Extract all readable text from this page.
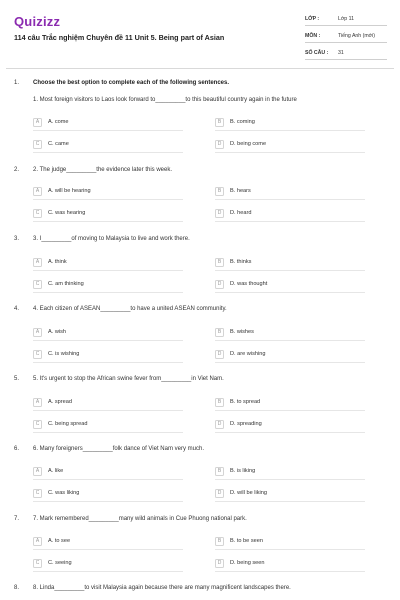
Quizizz
114 câu Trắc nghiệm Chuyên đề 11 Unit 5. Being part of Asian
LỚP :	Lớp 11
MÔN :	Tiếng Anh (mới)
SỐ CÂU :	31
1. Choose the best option to complete each of the following sentences.
1. Most foreign visitors to Laos look forward to_________to this beautiful country again in the future
A	A. come	B	B. coming
C	C. came	D	D. being come
2. 2. The judge_________the evidence later this week.
A	A. will be hearing	B	B. hears
C	C. was hearing	D	D. heard
3. 3. I_________of moving to Malaysia to live and work there.
A	A. think	B	B. thinks
C	C. am thinking	D	D. was thought
4. 4. Each citizen of ASEAN_________to have a united ASEAN community.
A	A. wish	B	B. wishes
C	C. is wishing	D	D. are wishing
5. 5. It's urgent to stop the African swine fever from_________in Viet Nam.
A	A. spread	B	B. to spread
C	C. being spread	D	D. spreading
6. 6. Many foreigners_________folk dance of Viet Nam very much.
A	A. like	B	B. is liking
C	C. was liking	D	D. will be liking
7. 7. Mark remembered_________many wild animals in Cue Phuong national park.
A	A. to see	B	B. to be seen
C	C. seeing	D	D. being seen
8. 8. Linda_________to visit Malaysia again because there are many magnificent landscapes there.
